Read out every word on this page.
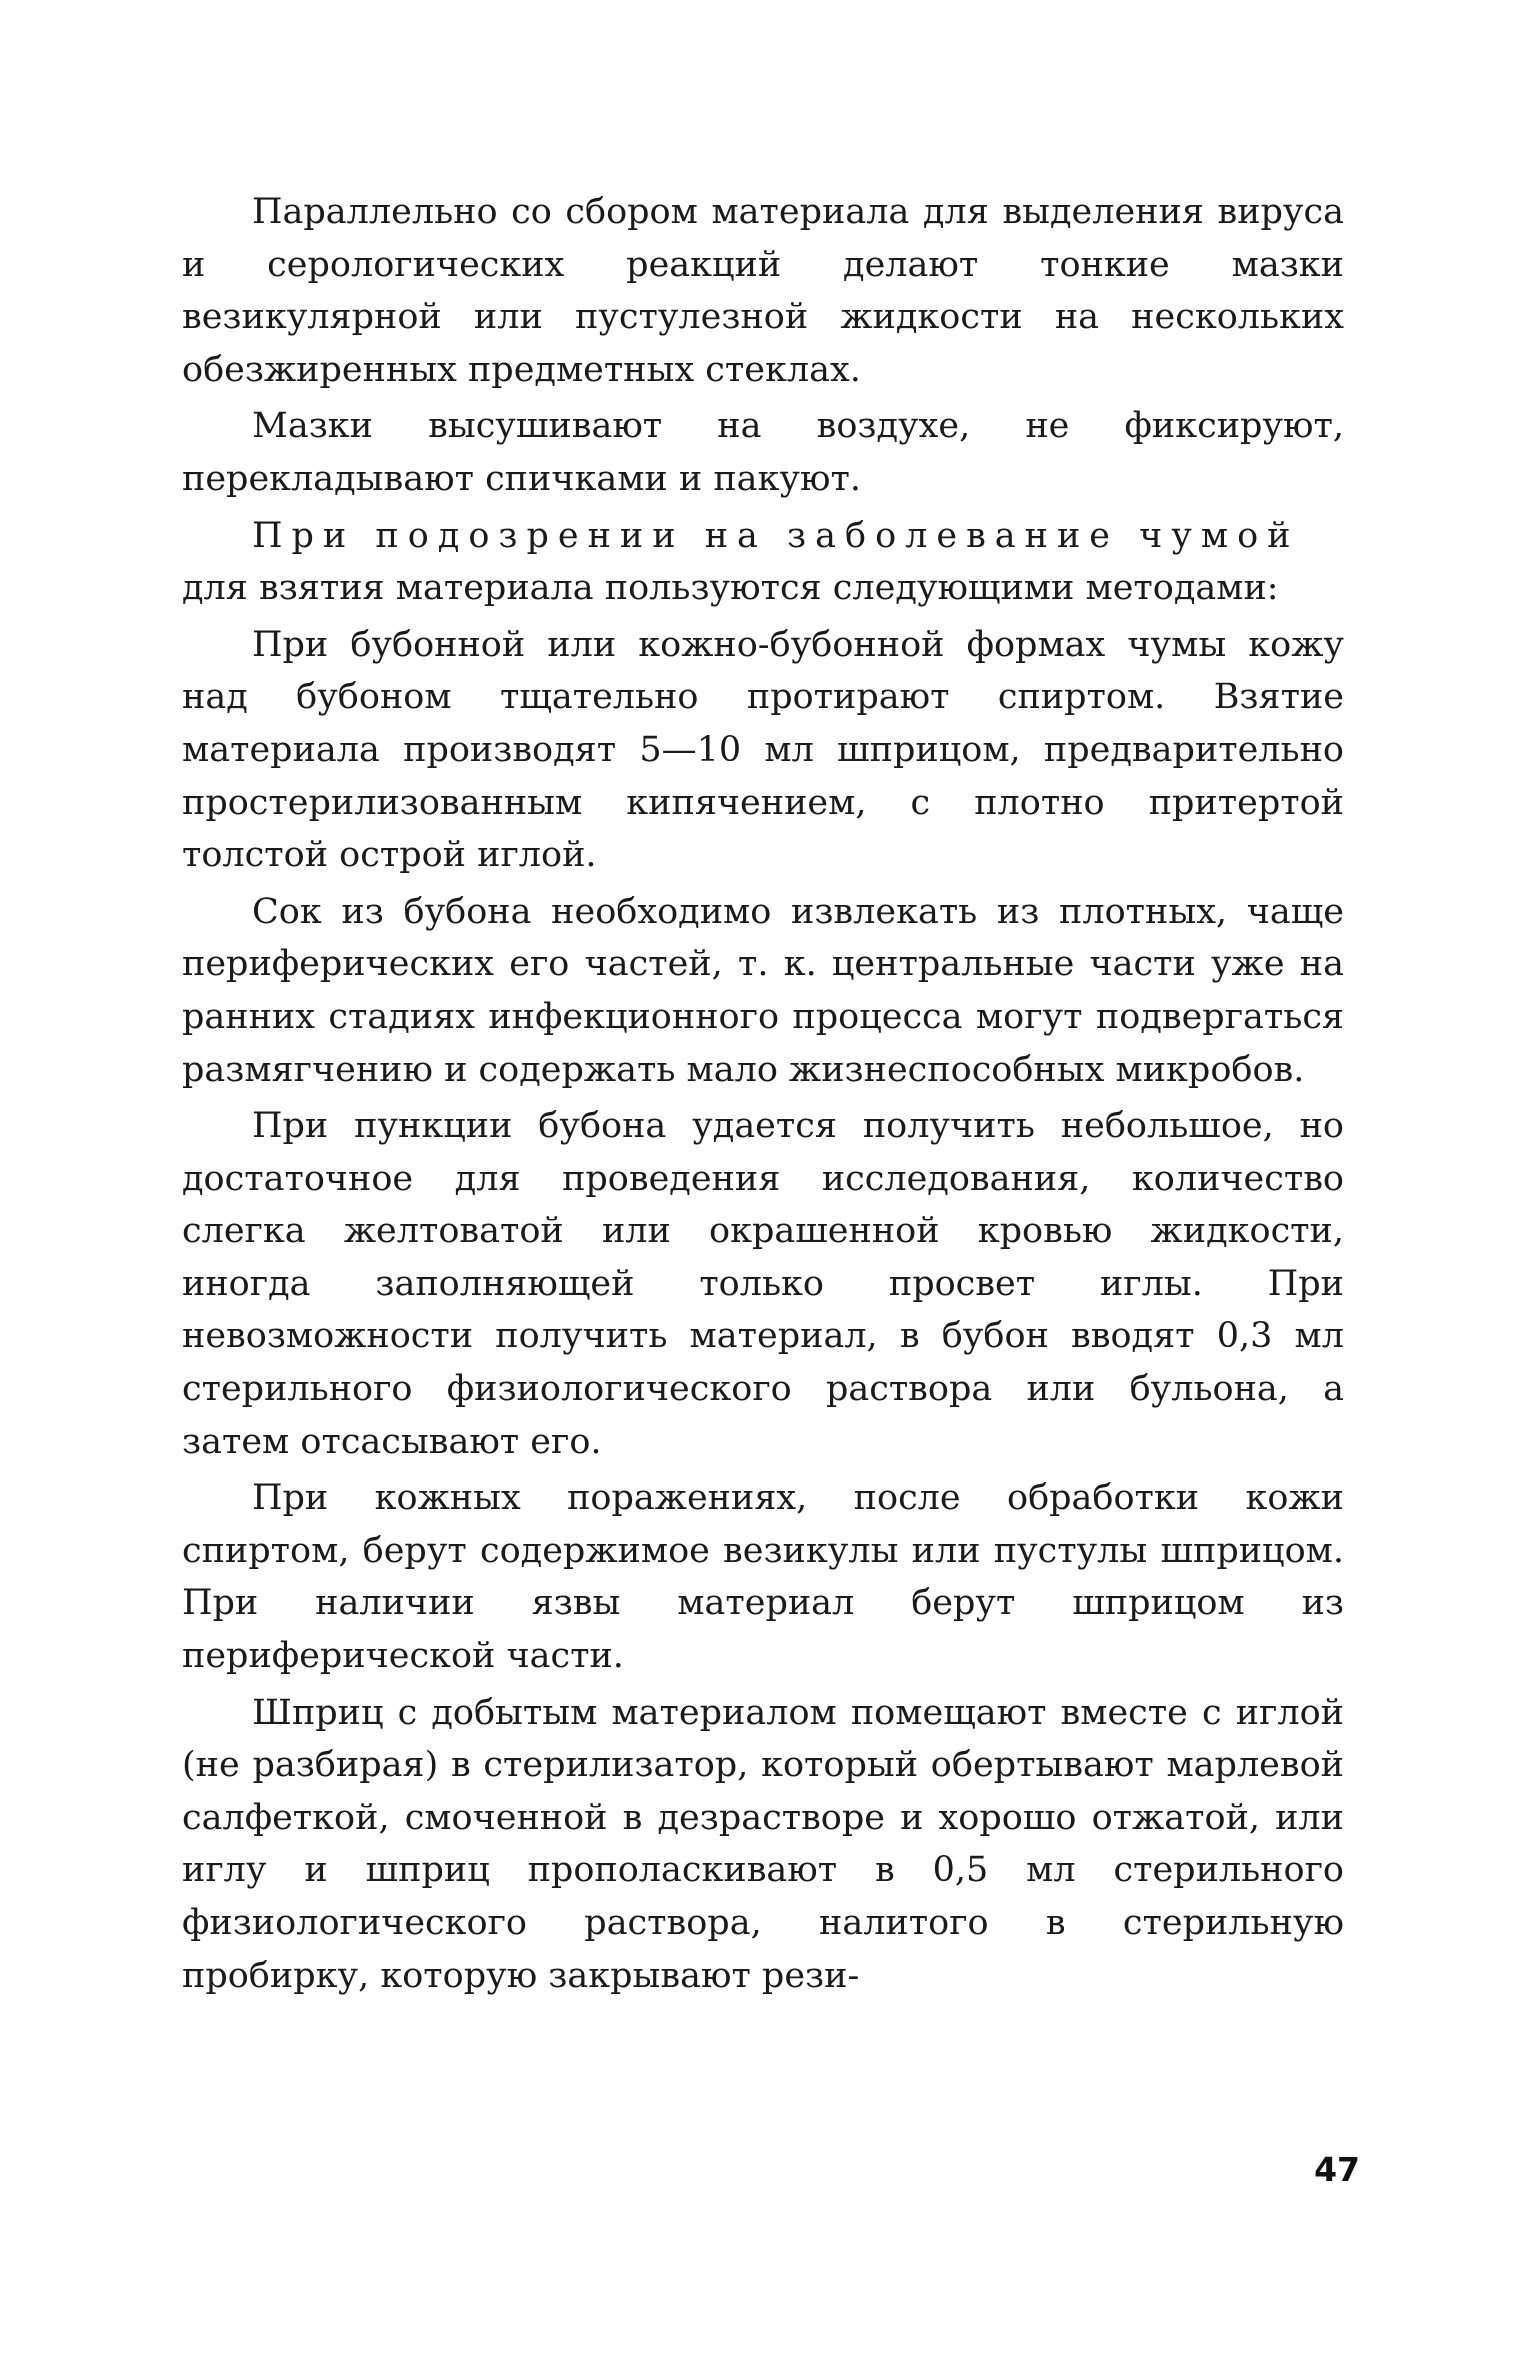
Параллельно со сбором материала для выделения вируса и серологических реакций делают тонкие мазки везикулярной или пустулезной жидкости на нескольких обезжиренных предметных стеклах.

Мазки высушивают на воздухе, не фиксируют, перекладывают спичками и пакуют.

При подозрении на заболевание чумой

для взятия материала пользуются следующими методами:

При бубонной или кожно-бубонной формах чумы кожу над бубоном тщательно протирают спиртом. Взятие материала производят 5—10 мл шприцом, предварительно простерилизованным кипячением, с плотно притертой толстой острой иглой.

Сок из бубона необходимо извлекать из плотных, чаще периферических его частей, т. к. центральные части уже на ранних стадиях инфекционного процесса могут подвергаться размягчению и содержать мало жизнеспособных микробов.

При пункции бубона удается получить небольшое, но достаточное для проведения исследования, количество слегка желтоватой или окрашенной кровью жидкости, иногда заполняющей только просвет иглы. При невозможности получить материал, в бубон вводят 0,3 мл стерильного физиологического раствора или бульона, а затем отсасывают его.

При кожных поражениях, после обработки кожи спиртом, берут содержимое везикулы или пустулы шприцом. При наличии язвы материал берут шприцом из периферической части.

Шприц с добытым материалом помещают вместе с иглой (не разбирая) в стерилизатор, который обертывают марлевой салфеткой, смоченной в дезрастворе и хорошо отжатой, или иглу и шприц прополаскивают в 0,5 мл стерильного физиологического раствора, налитого в стерильную пробирку, которую закрывают рези-

47
